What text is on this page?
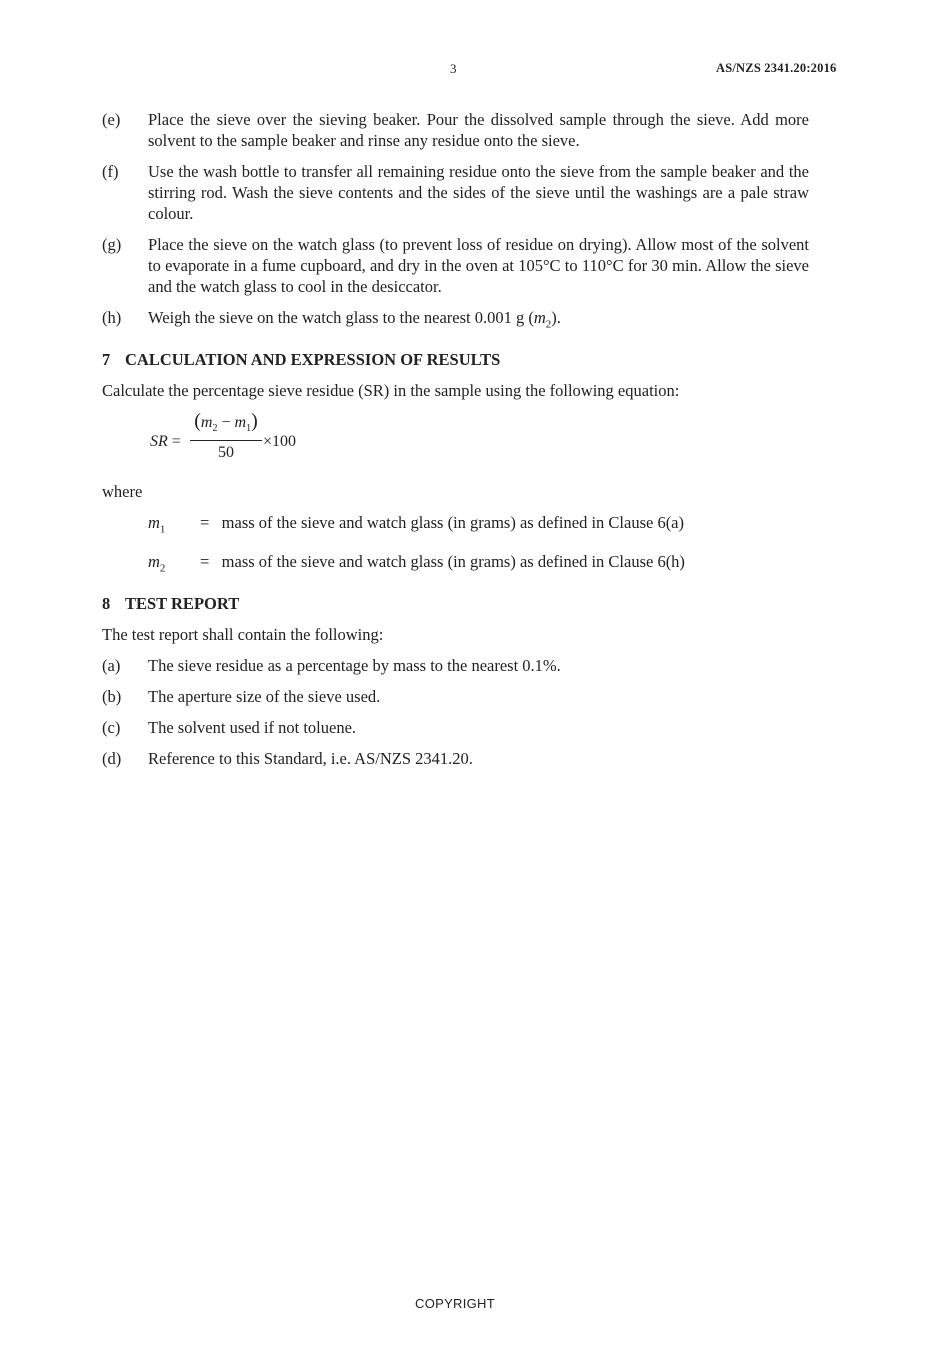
3	AS/NZS 2341.20:2016
(e)	Place the sieve over the sieving beaker. Pour the dissolved sample through the sieve. Add more solvent to the sample beaker and rinse any residue onto the sieve.
(f)	Use the wash bottle to transfer all remaining residue onto the sieve from the sample beaker and the stirring rod. Wash the sieve contents and the sides of the sieve until the washings are a pale straw colour.
(g)	Place the sieve on the watch glass (to prevent loss of residue on drying). Allow most of the solvent to evaporate in a fume cupboard, and dry in the oven at 105°C to 110°C for 30 min. Allow the sieve and the watch glass to cool in the desiccator.
(h)	Weigh the sieve on the watch glass to the nearest 0.001 g $(m_2)$.
7 CALCULATION AND EXPRESSION OF RESULTS
Calculate the percentage sieve residue (SR) in the sample using the following equation:
SR = $\frac{(m_2 - m_1)}{50} \times 100$
where
$m_1$	=   mass of the sieve and watch glass (in grams) as defined in Clause 6(a)
$m_2$	=   mass of the sieve and watch glass (in grams) as defined in Clause 6(h)
8 TEST REPORT
The test report shall contain the following:
(a)	The sieve residue as a percentage by mass to the nearest 0.1%.
(b)	The aperture size of the sieve used.
(c)	The solvent used if not toluene.
(d)	Reference to this Standard, i.e. AS/NZS 2341.20.
COPYRIGHT
